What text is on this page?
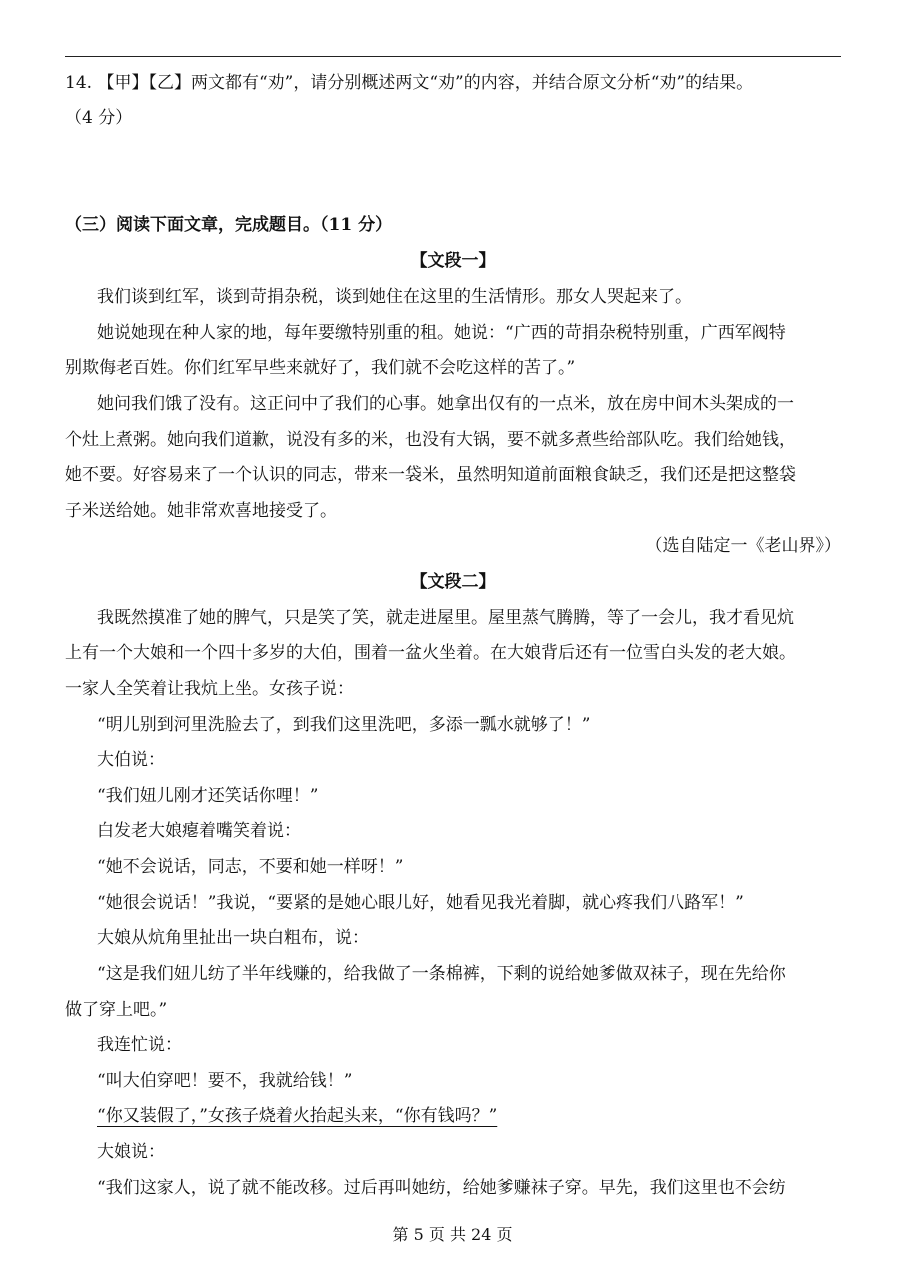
14. 【甲】【乙】两文都有“劝”，请分别概述两文“劝”的内容，并结合原文分析“劝”的结果。
（4 分）
（三）阅读下面文章，完成题目。（11 分）
【文段一】
我们谈到红军，谈到苛捐杂税，谈到她住在这里的生活情形。那女人哭起来了。
她说她现在种人家的地，每年要缴特别重的租。她说：“广西的苛捐杂税特别重，广西军阀特
别欺侮老百姓。你们红军早些来就好了，我们就不会吃这样的苦了。”
她问我们饿了没有。这正问中了我们的心事。她拿出仅有的一点米，放在房中间木头架成的一
个灶上煮粥。她向我们道歉，说没有多的米，也没有大锅，要不就多煮些给部队吃。我们给她钱，
她不要。好容易来了一个认识的同志，带来一袋米，虽然明知道前面粮食缺乏，我们还是把这整袋
子米送给她。她非常欢喜地接受了。
（选自陆定一《老山界》）
【文段二】
我既然摸准了她的脾气，只是笑了笑，就走进屋里。屋里蒸气腾腾，等了一会儿，我才看见炕
上有一个大娘和一个四十多岁的大伯，围着一盆火坐着。在大娘背后还有一位雪白头发的老大娘。
一家人全笑着让我炕上坐。女孩子说：
“明儿别到河里洗脸去了，到我们这里洗吧，多添一瓢水就够了！”
大伯说：
“我们妞儿刚才还笑话你哩！”
白发老大娘瘪着嘴笑着说：
“她不会说话，同志，不要和她一样呀！”
“她很会说话！”我说，“要紧的是她心眼儿好，她看见我光着脚，就心疼我们八路军！”
大娘从炕角里扯出一块白粗布，说：
“这是我们妞儿纺了半年线赚的，给我做了一条棉裤，下剩的说给她爹做双袜子，现在先给你
做了穿上吧。”
我连忙说：
“叫大伯穿吧！要不，我就给钱！”
“你又装假了，”女孩子烧着火抬起头来，“你有钱吗？”
大娘说：
“我们这家人，说了就不能改移。过后再叫她纺，给她爹赚袜子穿。早先，我们这里也不会纺
第 5 页 共 24 页
